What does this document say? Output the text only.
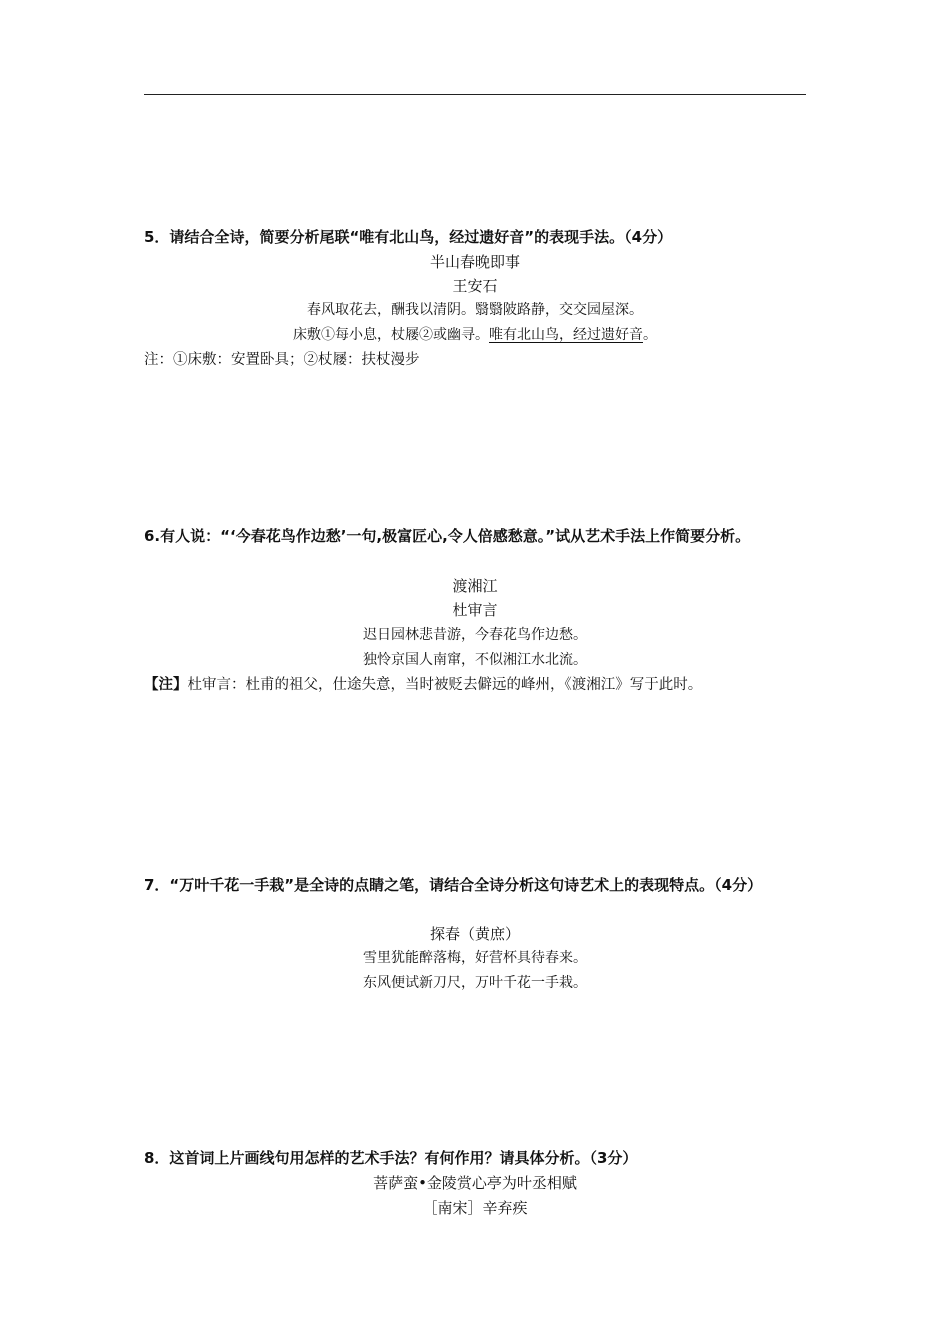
5．请结合全诗，简要分析尾联“唯有北山鸟，经过遗好音”的表现手法。（4分）
半山春晚即事
王安石
春风取花去，酬我以清阴。翳翳陂路静，交交园屋深。
床敷①每小息，杖屦②或幽寻。唯有北山鸟，经过遗好音。
注：①床敷：安置卧具；②杖屦：扶杖漫步
6.有人说：“‘今春花鸟作边愁’一句,极富匠心,令人倍感愁意。”试从艺术手法上作简要分析。
渡湘江
杜审言
迟日园林悲昔游，今春花鸟作边愁。
独怜京国人南窜，不似湘江水北流。
【注】杜审言：杜甫的祖父，仕途失意，当时被贬去僻远的峰州，《渡湘江》写于此时。
7．“万叶千花一手栽”是全诗的点睛之笔，请结合全诗分析这句诗艺术上的表现特点。（4分）
探春（黄庶）
雪里犹能醉落梅，好营杯具待春来。
东风便试新刀尺，万叶千花一手栽。
8．这首词上片画线句用怎样的艺术手法？有何作用？请具体分析。（3分）
菩萨蛮•金陵赏心亭为叶丞相赋
［南宋］辛弃疾
